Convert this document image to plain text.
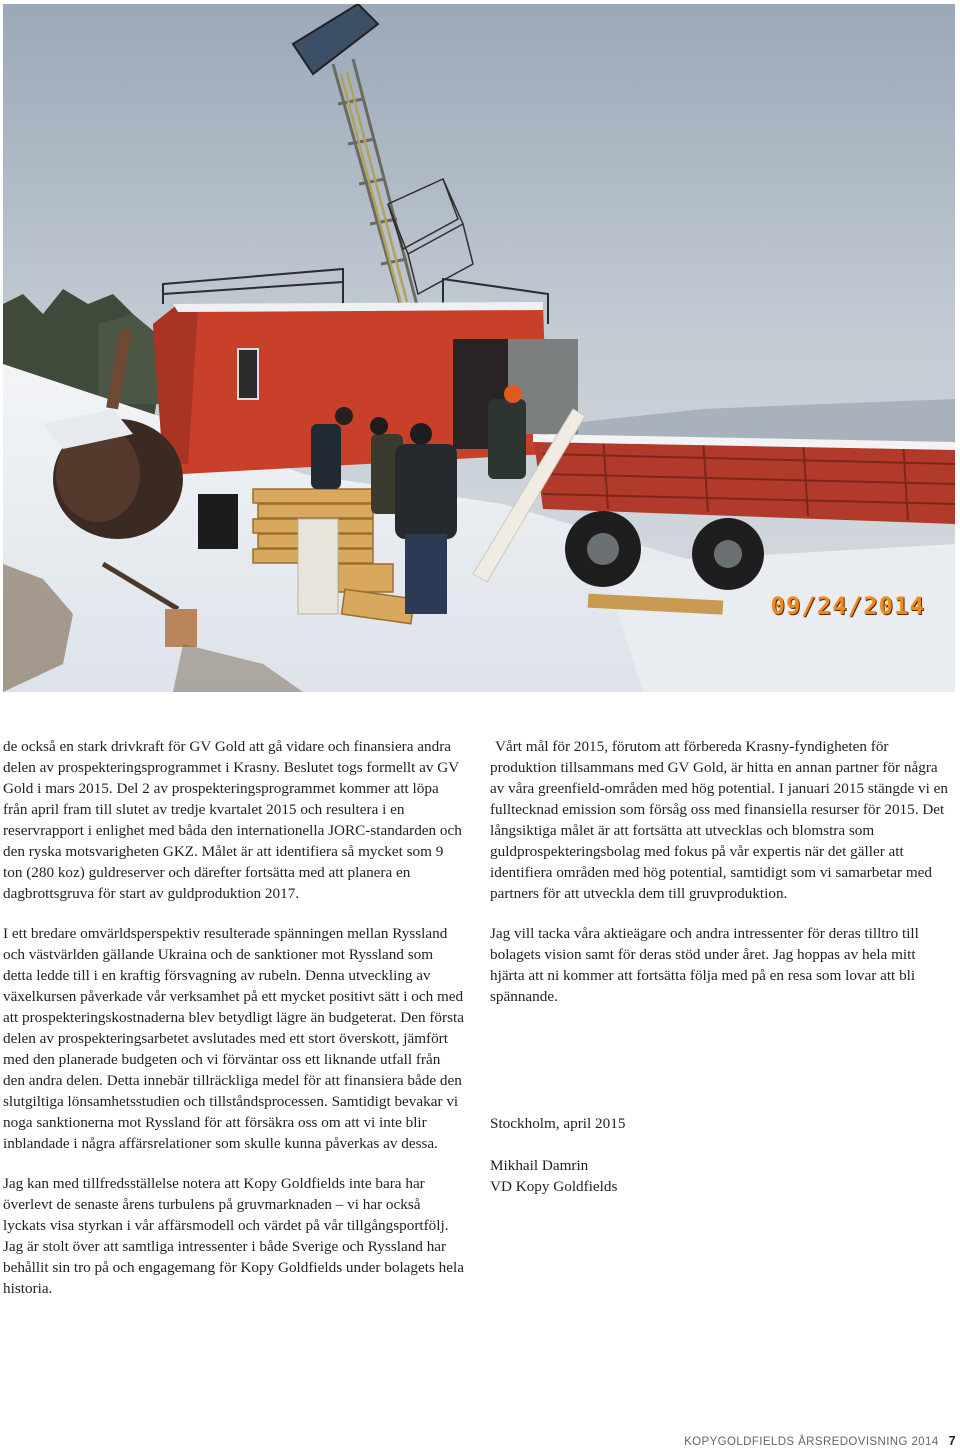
09/24/2014

de också en stark drivkraft för GV Gold att gå vidare och finansiera andra delen av prospekteringsprogrammet i Krasny. Beslutet togs formellt av GV Gold i mars 2015. Del 2 av prospekteringsprogrammet kommer att löpa från april fram till slutet av tredje kvartalet 2015 och resultera i en reservrapport i enlighet med båda den internationella JORC-standarden och den ryska motsvarigheten GKZ. Målet är att identifiera så mycket som 9 ton (280 koz) guldreserver och därefter fortsätta med att planera en dagbrottsgruva för start av guldproduktion 2017.

I ett bredare omvärldsperspektiv resulterade spänningen mellan Ryssland och västvärlden gällande Ukraina och de sanktioner mot Ryssland som detta ledde till i en kraftig försvagning av rubeln. Denna utveckling av växelkursen påverkade vår verksamhet på ett mycket positivt sätt i och med att prospekteringskostnaderna blev betydligt lägre än budgeterat. Den första delen av prospekteringsarbetet avslutades med ett stort överskott, jämfört med den planerade budgeten och vi förväntar oss ett liknande utfall från den andra delen. Detta innebär tillräckliga medel för att finansiera både den slutgiltiga lönsamhetsstudien och tillståndsprocessen. Samtidigt bevakar vi noga sanktionerna mot Ryssland för att försäkra oss om att vi inte blir inblandade i några affärsrelationer som skulle kunna påverkas av dessa.

Jag kan med tillfredsställelse notera att Kopy Goldfields inte bara har överlevt de senaste årens turbulens på gruvmarknaden – vi har också lyckats visa styrkan i vår affärsmodell och värdet på vår tillgångsportfölj. Jag är stolt över att samtliga intressenter i både Sverige och Ryssland har behållit sin tro på och engagemang för Kopy Goldfields under bolagets hela historia.

Vårt mål för 2015, förutom att förbereda Krasny-fyndigheten för produktion tillsammans med GV Gold, är hitta en annan partner för några av våra greenfield-områden med hög potential. I januari 2015 stängde vi en fulltecknad emission som försåg oss med finansiella resurser för 2015. Det långsiktiga målet är att fortsätta att utvecklas och blomstra som guldprospekteringsbolag med fokus på vår expertis när det gäller att identifiera områden med hög potential, samtidigt som vi samarbetar med partners för att utveckla dem till gruvproduktion.

Jag vill tacka våra aktieägare och andra intressenter för deras tilltro till bolagets vision samt för deras stöd under året. Jag hoppas av hela mitt hjärta att ni kommer att fortsätta följa med på en resa som lovar att bli spännande.

Stockholm, april 2015

Mikhail Damrin
VD Kopy Goldfields
KOPYGOLDFIELDS ÅRSREDOVISNING 2014 7
